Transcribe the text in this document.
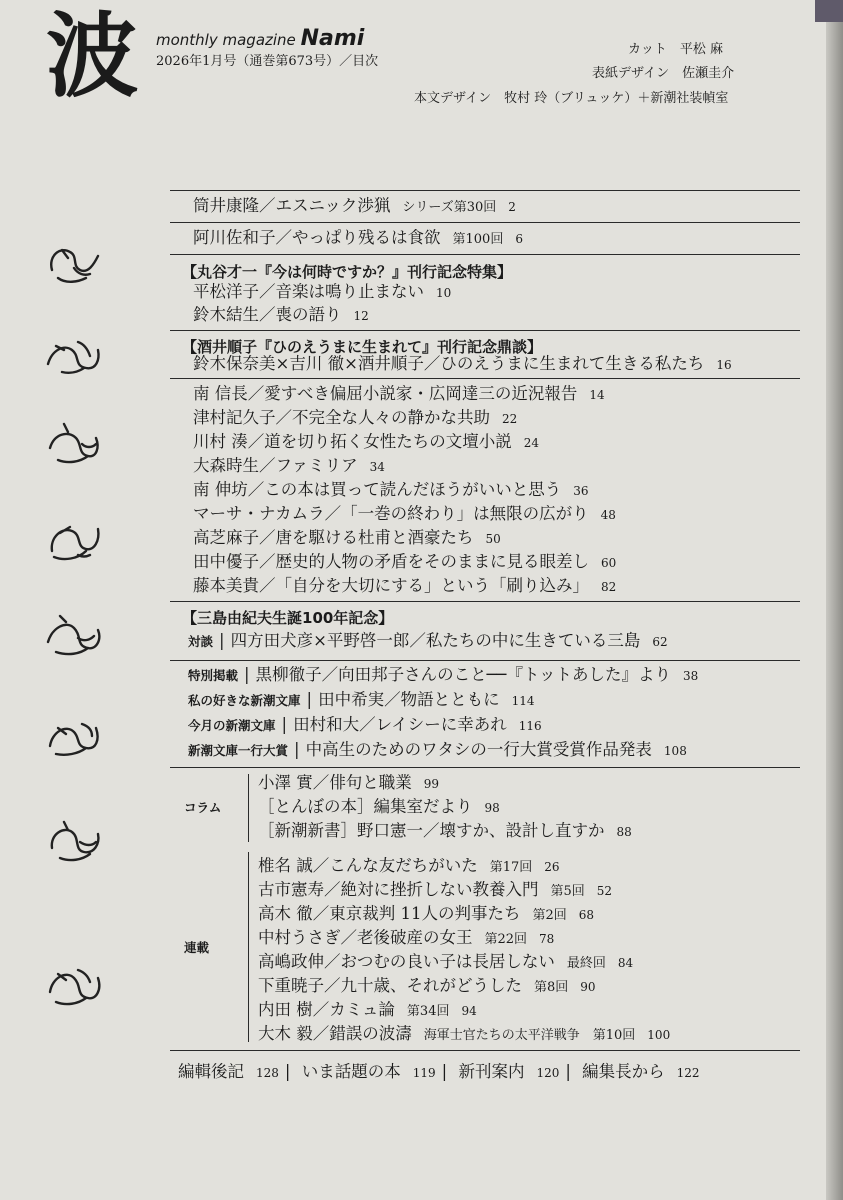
波 monthly magazine Nami
2026年1月号（通巻第673号）／目次
カット　 平松 麻
表紙デザイン　 佐瀬圭介
本文デザイン　 牧村 玲（ブリュッケ）＋新潮社装幀室
筒井康隆／エスニック渉猟 シリーズ第30回 2
阿川佐和子／やっぱり残るは食欲 第100回 6
【丸谷才一『今は何時ですか？』刊行記念特集】
平松洋子／音楽は鳴り止まない 10
鈴木結生／喪の語り 12
【酒井順子『ひのえうまに生まれて』刊行記念鼎談】
鈴木保奈美×吉川 徹×酒井順子／ひのえうまに生まれて生きる私たち 16
南 信長／愛すべき偏屈小説家・広岡達三の近況報告 14
津村記久子／不完全な人々の静かな共助 22
川村 湊／道を切り拓く女性たちの文壇小説 24
大森時生／ファミリア 34
南 伸坊／この本は買って読んだほうがいいと思う 36
マーサ・ナカムラ／「一巻の終わり」は無限の広がり 48
高芝麻子／唐を駆ける杜甫と酒豪たち 50
田中優子／歴史的人物の矛盾をそのままに見る眼差し 60
藤本美貴／「自分を大切にする」という「刷り込み」 82
【三島由紀夫生誕100年記念】
対談 | 四方田犬彦×平野啓一郎／私たちの中に生きている三島 62
特別掲載 | 黒柳徹子／向田邦子さんのこと──『トットあした』より 38
私の好きな新潮文庫 | 田中希実／物語とともに 114
今月の新潮文庫 | 田村和大／レイシーに幸あれ 116
新潮文庫一行大賞 | 中高生のためのワタシの一行大賞受賞作品発表 108
コラム
小澤 實／俳句と職業 99
［とんぼの本］編集室だより 98
［新潮新書］野口憲一／壊すか、設計し直すか 88
連載
椎名 誠／こんな友だちがいた 第17回 26
古市憲寿／絶対に挫折しない教養入門 第5回 52
高木 徹／東京裁判 11人の判事たち 第2回 68
中村うさぎ／老後破産の女王 第22回 78
高嶋政伸／おつむの良い子は長居しない 最終回 84
下重暁子／九十歳、それがどうした 第8回 90
内田 樹／カミュ論 第34回 94
大木 毅／錯誤の波濤 海軍士官たちの太平洋戦争　第10回 100
編輯後記 128 | いま話題の本 119 | 新刊案内 120 | 編集長から 122
